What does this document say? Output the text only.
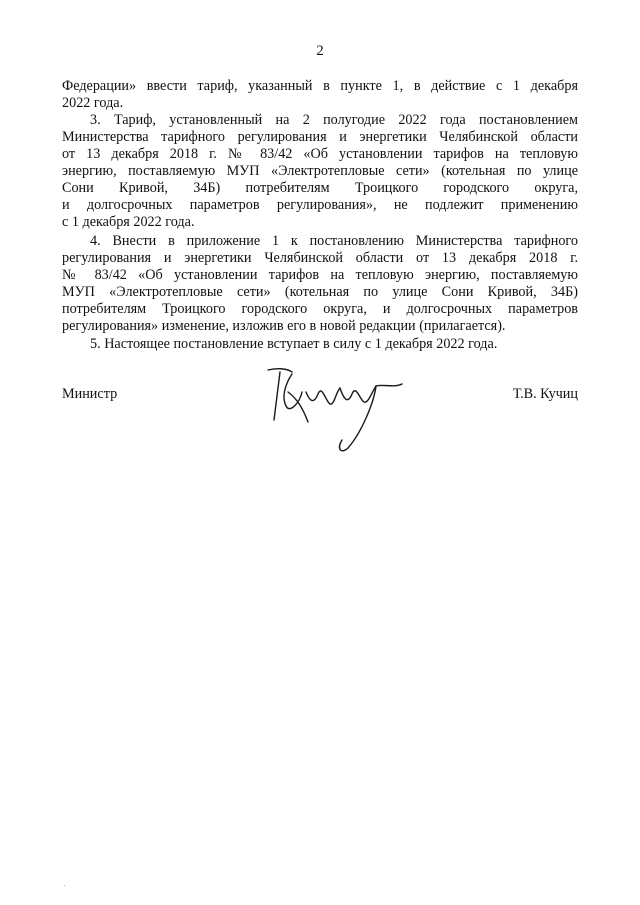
2
Федерации» ввести тариф, указанный в пункте 1, в действие с 1 декабря
2022 года.
3. Тариф, установленный на 2 полугодие 2022 года постановлением
Министерства тарифного регулирования и энергетики Челябинской области
от 13 декабря 2018 г. № 83/42 «Об установлении тарифов на тепловую
энергию, поставляемую МУП «Электротепловые сети» (котельная по улице
Сони Кривой, 34Б) потребителям Троицкого городского округа,
и долгосрочных параметров регулирования», не подлежит применению
с 1 декабря 2022 года.
4. Внести в приложение 1 к постановлению Министерства тарифного
регулирования и энергетики Челябинской области от 13 декабря 2018 г.
№ 83/42 «Об установлении тарифов на тепловую энергию, поставляемую
МУП «Электротепловые сети» (котельная по улице Сони Кривой, 34Б)
потребителям Троицкого городского округа, и долгосрочных параметров
регулирования» изменение, изложив его в новой редакции (прилагается).
5. Настоящее постановление вступает в силу с 1 декабря 2022 года.
Министр	Т.В. Кучиц
